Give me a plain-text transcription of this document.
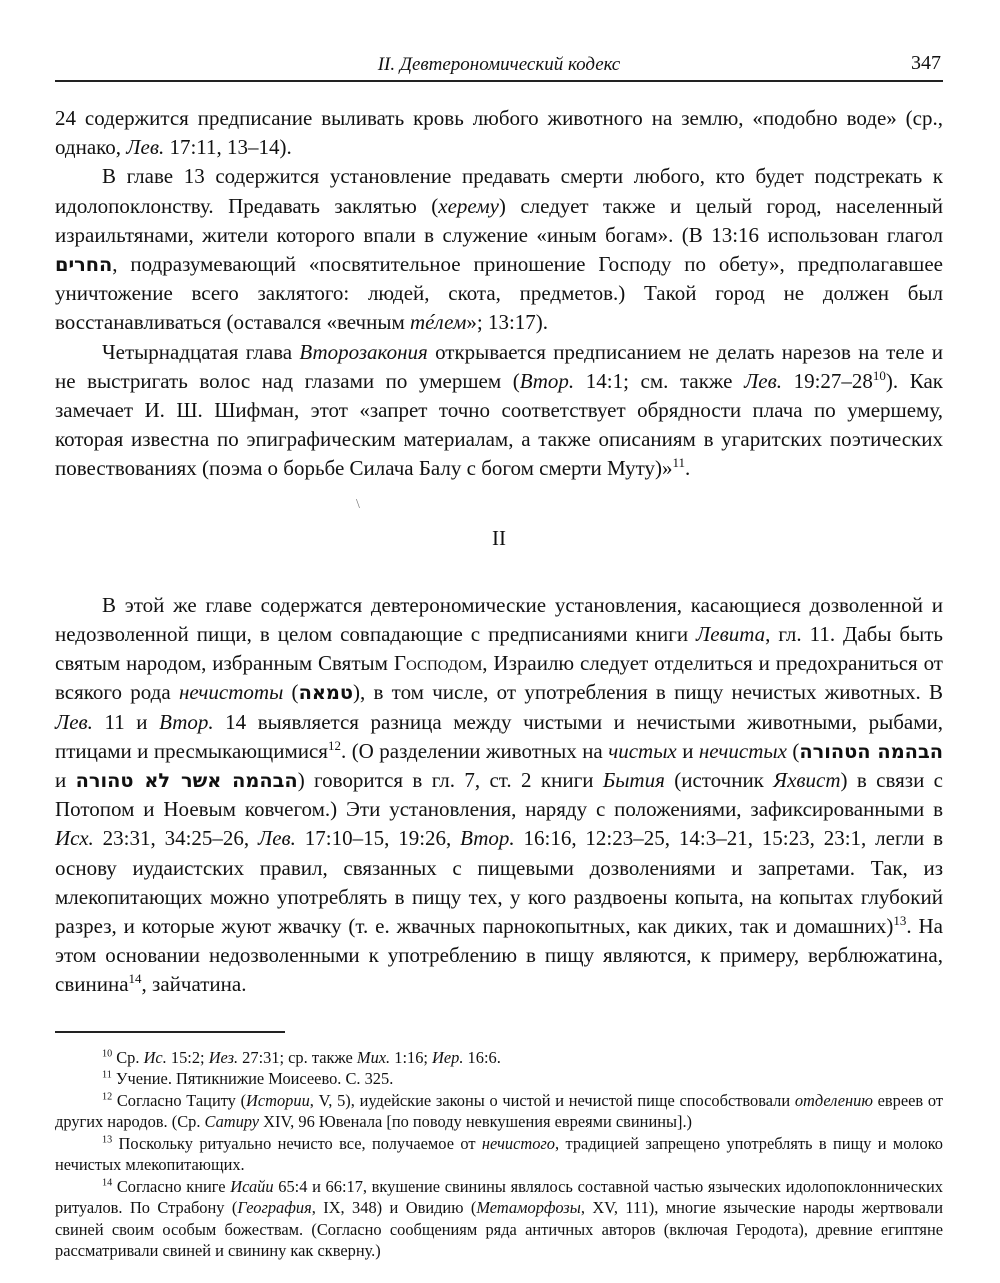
II. Девтерономический кодекс	347

24 содержится предписание выливать кровь любого животного на землю, «подобно воде» (ср., однако, Лев. 17:11, 13–14).

В главе 13 содержится установление предавать смерти любого, кто будет подстрекать к идолопоклонству. Предавать заклятью (херему) следует также и целый город, населенный израильтянами, жители которого впали в служение «иным богам». (В 13:16 использован глагол החרים, подразумевающий «посвятительное приношение Господу по обету», предполагавшее уничтожение всего заклятого: людей, скота, предметов.) Такой город не должен был восстанавливаться (оставался «вечным тéлем»; 13:17).

Четырнадцатая глава Второзакония открывается предписанием не делать нарезов на теле и не выстригать волос над глазами по умершем (Втор. 14:1; см. также Лев. $19:27-28^{10}$). Как замечает И. Ш. Шифман, этот «запрет точно соответствует обрядности плача по умершему, которая известна по эпиграфическим материалам, а также описаниям в угаритских поэтических повествованиях (поэма о борьбе Силача Балу с богом смерти Муту)»$^{11}$.

II

В этой же главе содержатся девтерономические установления, касающиеся дозволенной и недозволенной пищи, в целом совпадающие с предписаниями книги Левита, гл. 11. Дабы быть святым народом, избранным Святым Господом, Израилю следует отделиться и предохраниться от всякого рода нечистоты (טמאה), в том числе, от употребления в пищу нечистых животных. В Лев. 11 и Втор. 14 выявляется разница между чистыми и нечистыми животными, рыбами, птицами и пресмыкающимися$^{12}$. (О разделении животных на чистых и нечистых (הבהמה הטהורה и הבהמה אשר לא טהורה) говорится в гл. 7, ст. 2 книги Бытия (источник Яхвист) в связи с Потопом и Ноевым ковчегом.) Эти установления, наряду с положениями, зафиксированными в Исх. 23:31, 34:25–26, Лев. 17:10–15, 19:26, Втор. 16:16, 12:23–25, 14:3–21, 15:23, 23:1, легли в основу иудаистских правил, связанных с пищевыми дозволениями и запретами. Так, из млекопитающих можно употреблять в пищу тех, у кого раздвоены копыта, на копытах глубокий разрез, и которые жуют жвачку (т. е. жвачных парнокопытных, как диких, так и домашних)$^{13}$. На этом основании недозволенными к употреблению в пищу являются, к примеру, верблюжатина, свинина$^{14}$, зайчатина.

$^{10}$ Ср. Ис. 15:2; Иез. 27:31; ср. также Мих. 1:16; Иер. 16:6.

$^{11}$ Учение. Пятикнижие Моисеево. С. 325.

$^{12}$ Согласно Тациту (Истории, V, 5), иудейские законы о чистой и нечистой пище способствовали отделению евреев от других народов. (Ср. Сатиру XIV, 96 Ювенала [по поводу невкушения евреями свинины].)

$^{13}$ Поскольку ритуально нечисто все, получаемое от нечистого, традицией запрещено употреблять в пищу и молоко нечистых млекопитающих.

$^{14}$ Согласно книге Исайи 65:4 и 66:17, вкушение свинины являлось составной частью языческих идолопоклоннических ритуалов. По Страбону (География, IX, 348) и Овидию (Метаморфозы, XV, 111), многие языческие народы жертвовали свиней своим особым божествам. (Согласно сообщениям ряда античных авторов (включая Геродота), древние египтяне рассматривали свиней и свинину как скверну.)

\
